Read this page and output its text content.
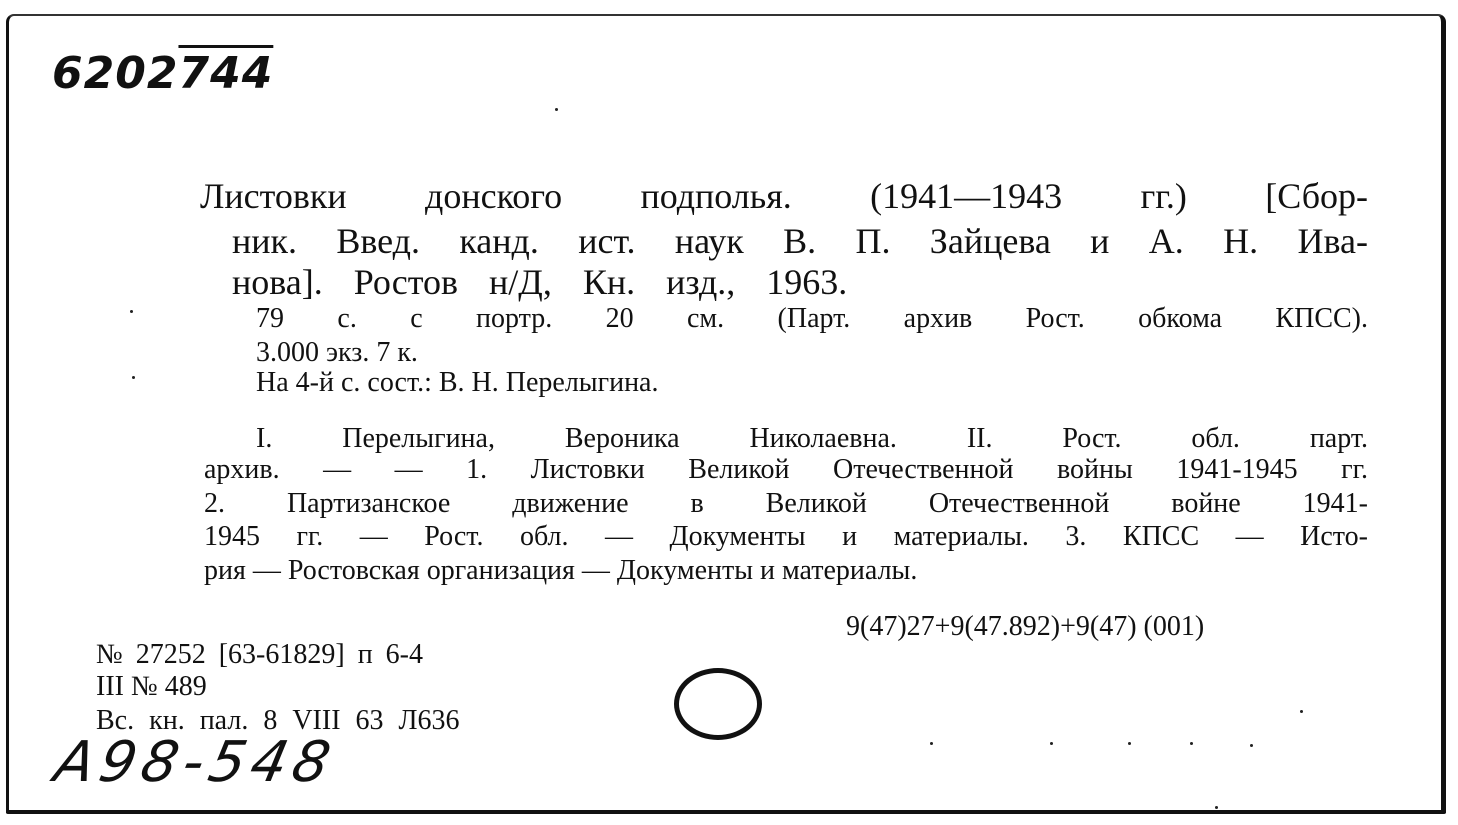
6202744
Листовки донского подполья. (1941—1943 гг.) [Сбор-
ник. Введ. канд. ист. наук В. П. Зайцева и А. Н. Ива-
нова]. Ростов н/Д, Кн. изд., 1963.
79 с. с портр. 20 см. (Парт. архив Рост. обкома КПСС).
3.000 экз. 7 к.
На 4-й с. сост.: В. Н. Перелыгина.
I. Перелыгина, Вероника Николаевна. II. Рост. обл. парт.
архив. — — 1. Листовки Великой Отечественной войны 1941-1945 гг.
2. Партизанское движение в Великой Отечественной войне 1941-
1945 гг. — Рост. обл. — Документы и материалы. 3. КПСС — Исто-
рия — Ростовская организация — Документы и материалы.
9(47)27+9(47.892)+9(47) (001)
№ 27252 [63-61829] п 6-4
III № 489
Вс. кн. пал. 8 VIII 63 Л636
А98-548
